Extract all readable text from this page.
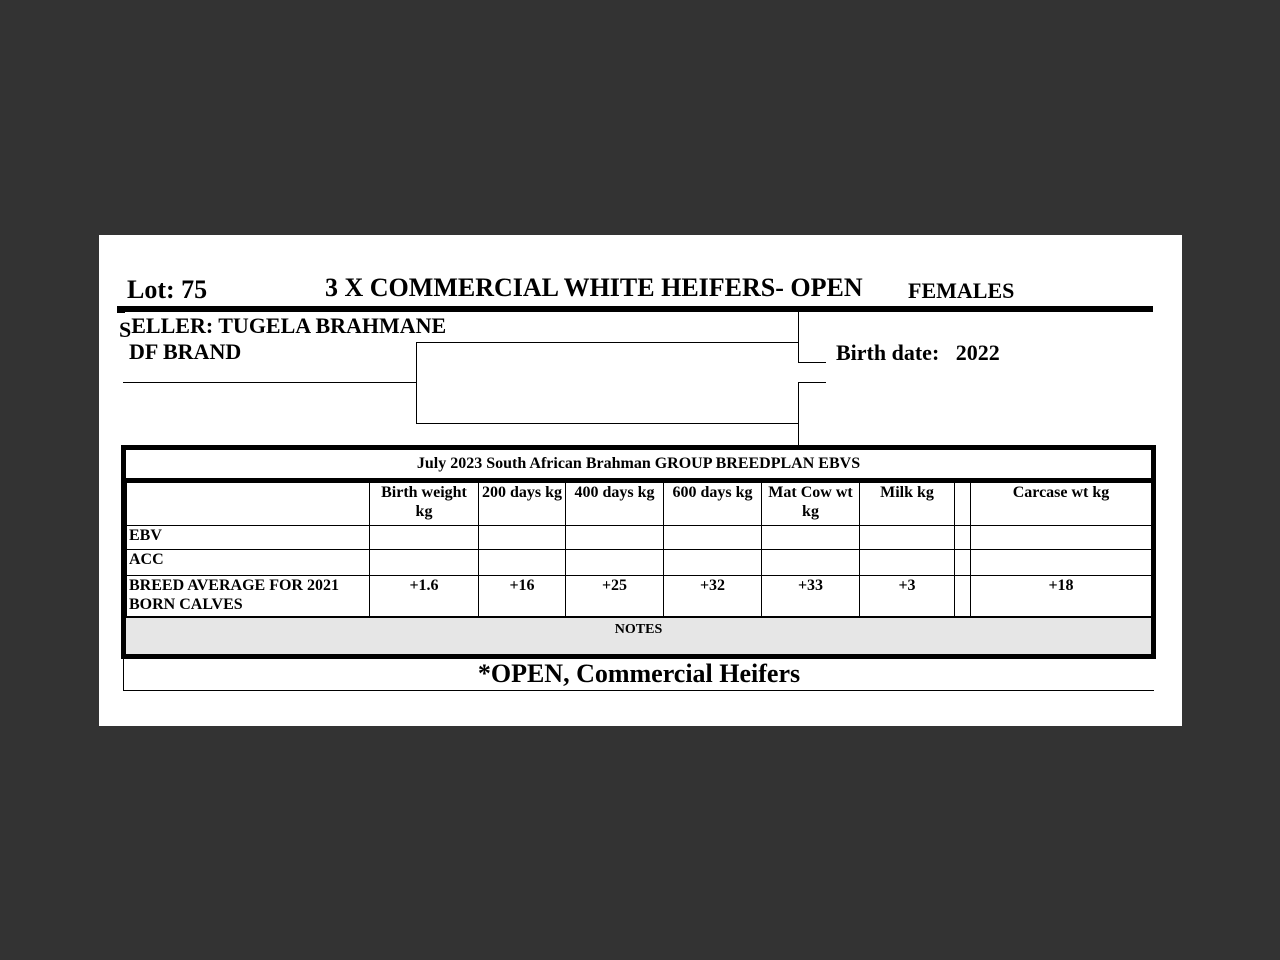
Lot: 75	3 X COMMERCIAL WHITE HEIFERS- OPEN FEMALES
SELLER: TUGELA BRAHMANE
DF BRAND	Birth date: 2022
July 2023 South African Brahman GROUP BREEDPLAN EBVS
	Birth weight kg	200 days kg	400 days kg	600 days kg	Mat Cow wt kg	Milk kg		Carcase wt kg
EBV								
ACC								
BREED AVERAGE FOR 2021 BORN CALVES	+1.6	+16	+25	+32	+33	+3		+18
NOTES
*OPEN, Commercial Heifers
